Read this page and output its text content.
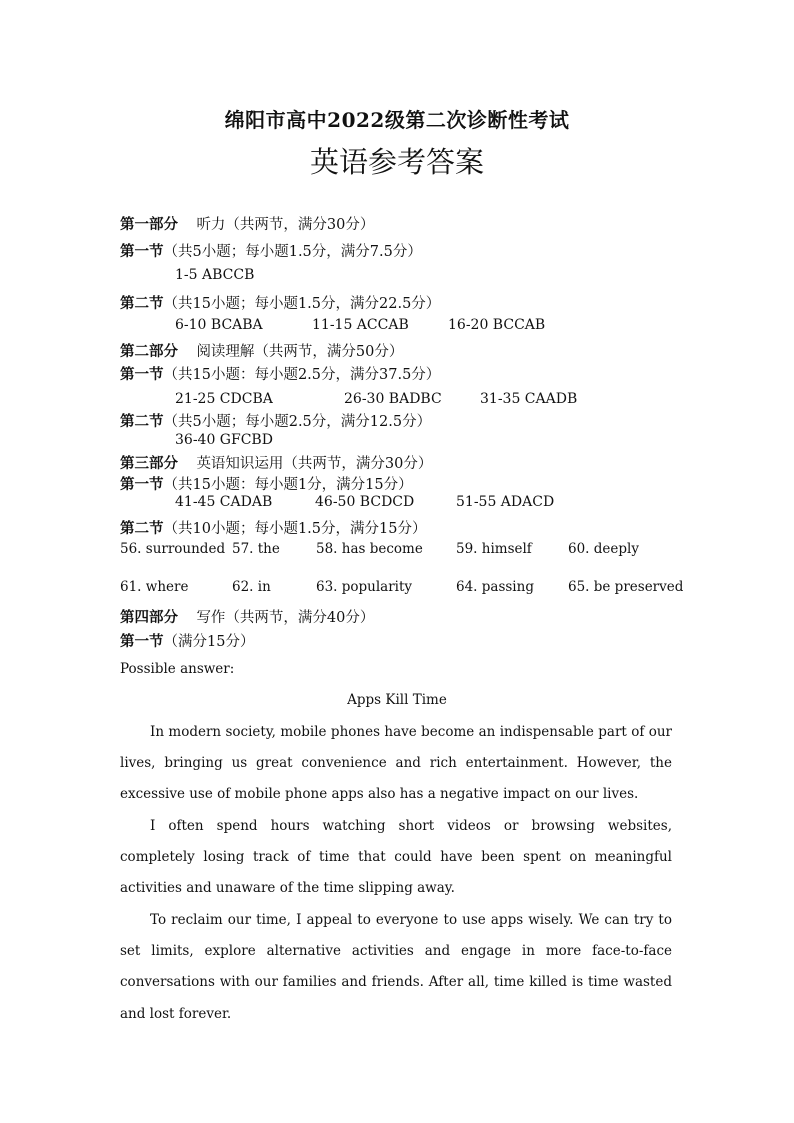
绵阳市高中2022级第二次诊断性考试
英语参考答案
第一部分 听力（共两节，满分30分）
第一节（共5小题；每小题1.5分，满分7.5分）
1-5 ABCCB
第二节（共15小题；每小题1.5分，满分22.5分）
6-10 BCABA	11-15 ACCAB	16-20 BCCAB
第二部分 阅读理解（共两节，满分50分）
第一节（共15小题：每小题2.5分，满分37.5分）
21-25 CDCBA	26-30 BADBC	31-35 CAADB
第二节（共5小题；每小题2.5分，满分12.5分）
36-40 GFCBD
第三部分 英语知识运用（共两节，满分30分）
第一节（共15小题：每小题1分，满分15分）
41-45 CADAB	46-50 BCDCD	51-55 ADACD
第二节（共10小题；每小题1.5分，满分15分）
56. surrounded 57. the	58. has become 59. himself	60. deeply
61. where	62. in	63. popularity	64. passing	65. be preserved
第四部分 写作（共两节，满分40分）
第一节（满分15分）
Possible answer:
Apps Kill Time
In modern society, mobile phones have become an indispensable part of our lives, bringing us great convenience and rich entertainment. However, the excessive use of mobile phone apps also has a negative impact on our lives.
I often spend hours watching short videos or browsing websites, completely losing track of time that could have been spent on meaningful activities and unaware of the time slipping away.
To reclaim our time, I appeal to everyone to use apps wisely. We can try to set limits, explore alternative activities and engage in more face-to-face conversations with our families and friends. After all, time killed is time wasted and lost forever.
